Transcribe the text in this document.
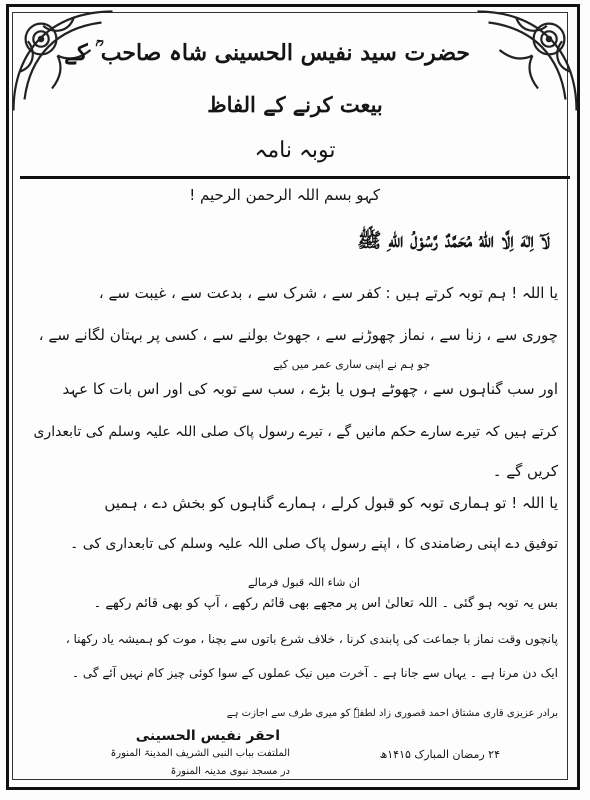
حضرت سید نفیس الحسینی شاہ صاحب ؒ کے
بیعت کرنے کے الفاظ
توبہ نامہ
کہو بسم اللہ الرحمن الرحیم !
لَآ اِلٰهَ اِلَّا اللّٰهُ مُحَمَّدٌ رَّسُوْلُ اللّٰهِ ﷺ
یا اللہ ! ہم توبہ کرتے ہیں : کفر سے ، شرک سے ، بدعت سے ، غیبت سے ،
چوری سے ، زنا سے ، نماز چھوڑنے سے ، جھوٹ بولنے سے ، کسی پر بہتان لگانے سے ،
جو ہم نے اپنی ساری عمر میں کیے
اور سب گناہوں سے ، چھوٹے ہوں یا بڑے ، سب سے توبہ کی اور اس بات کا عہد
کرتے ہیں کہ تیرے سارے حکم مانیں گے ، تیرے رسول پاک صلی اللہ علیہ وسلم کی تابعداری
کریں گے ۔
یا اللہ ! تو ہماری توبہ کو قبول کرلے ، ہمارے گناہوں کو بخش دے ، ہمیں
توفیق دے اپنی رضامندی کا ، اپنے رسول پاک صلی اللہ علیہ وسلم کی تابعداری کی ۔
ان شاء اللہ قبول فرمالے
بس یہ توبہ ہو گئی ۔ اللہ تعالیٰ اس پر مجھے بھی قائم رکھے ، آپ کو بھی قائم رکھے ۔
پانچوں وقت نماز با جماعت کی پابندی کرنا ، خلاف شرع باتوں سے بچنا ، موت کو ہمیشہ یاد رکھنا ،
ایک دن مرنا ہے ۔ یہاں سے جانا ہے ۔ آخرت میں نیک عملوں کے سوا کوئی چیز کام نہیں آئے گی ۔
برادر عزیزی قاری مشتاق احمد قصوری زاد لطفہٗ کو میری طرف سے اجازت ہے
احقر نفیس الحسینی
الملتفت بباب النبی الشریف المدینۃ المنورۃ	۲۴ رمضان المبارک ۱۴۱۵ھ
در مسجد نبوی مدینہ المنورۃ
